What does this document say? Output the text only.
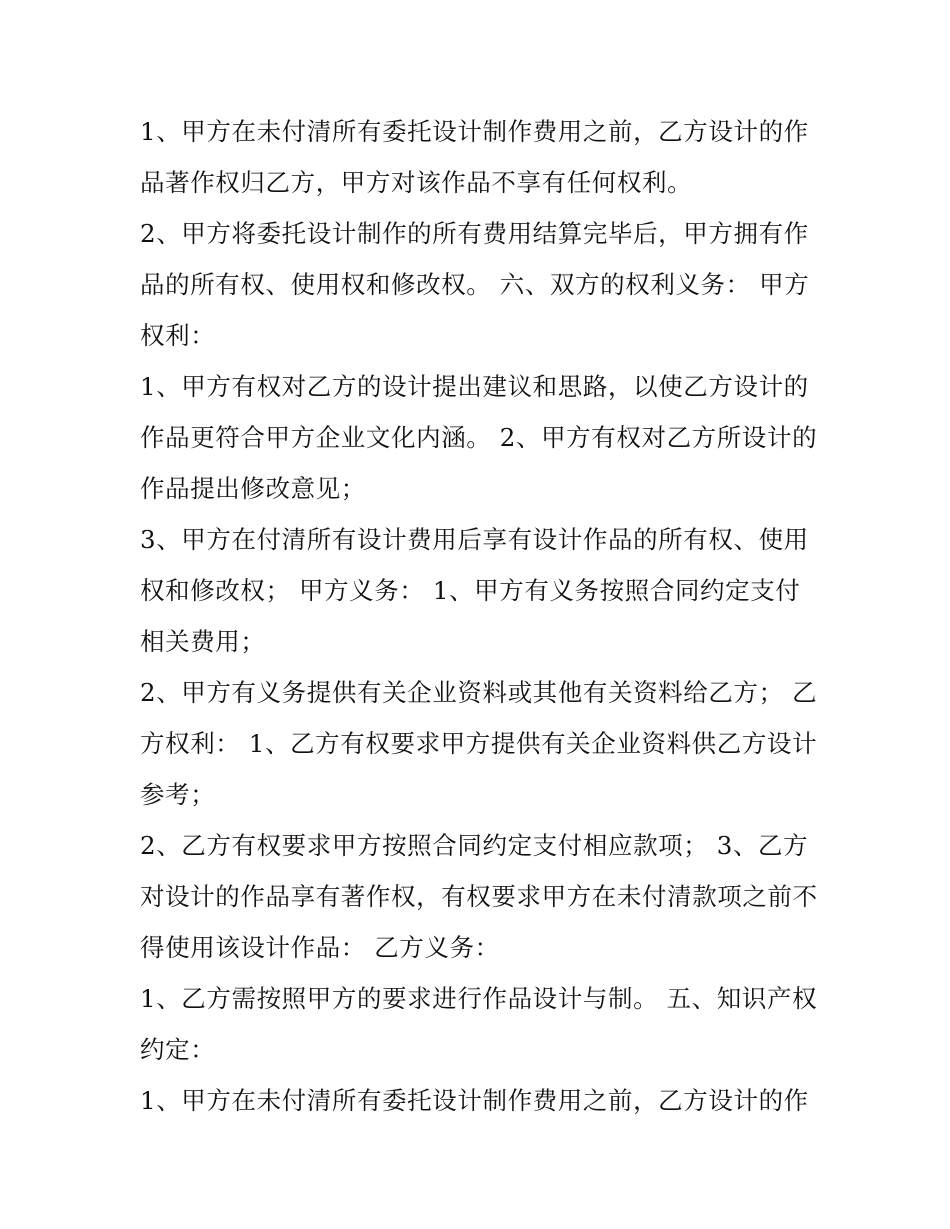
1、甲方在未付清所有委托设计制作费用之前，乙方设计的作品著作权归乙方，甲方对该作品不享有任何权利。

2、甲方将委托设计制作的所有费用结算完毕后，甲方拥有作品的所有权、使用权和修改权。 六、双方的权利义务： 甲方权利：

1、甲方有权对乙方的设计提出建议和思路，以使乙方设计的作品更符合甲方企业文化内涵。 2、甲方有权对乙方所设计的作品提出修改意见；

3、甲方在付清所有设计费用后享有设计作品的所有权、使用权和修改权； 甲方义务： 1、甲方有义务按照合同约定支付相关费用；

2、甲方有义务提供有关企业资料或其他有关资料给乙方； 乙方权利： 1、乙方有权要求甲方提供有关企业资料供乙方设计参考；

2、乙方有权要求甲方按照合同约定支付相应款项； 3、乙方对设计的作品享有著作权，有权要求甲方在未付清款项之前不得使用该设计作品： 乙方义务：

1、乙方需按照甲方的要求进行作品设计与制。 五、知识产权约定：

1、甲方在未付清所有委托设计制作费用之前，乙方设计的作
